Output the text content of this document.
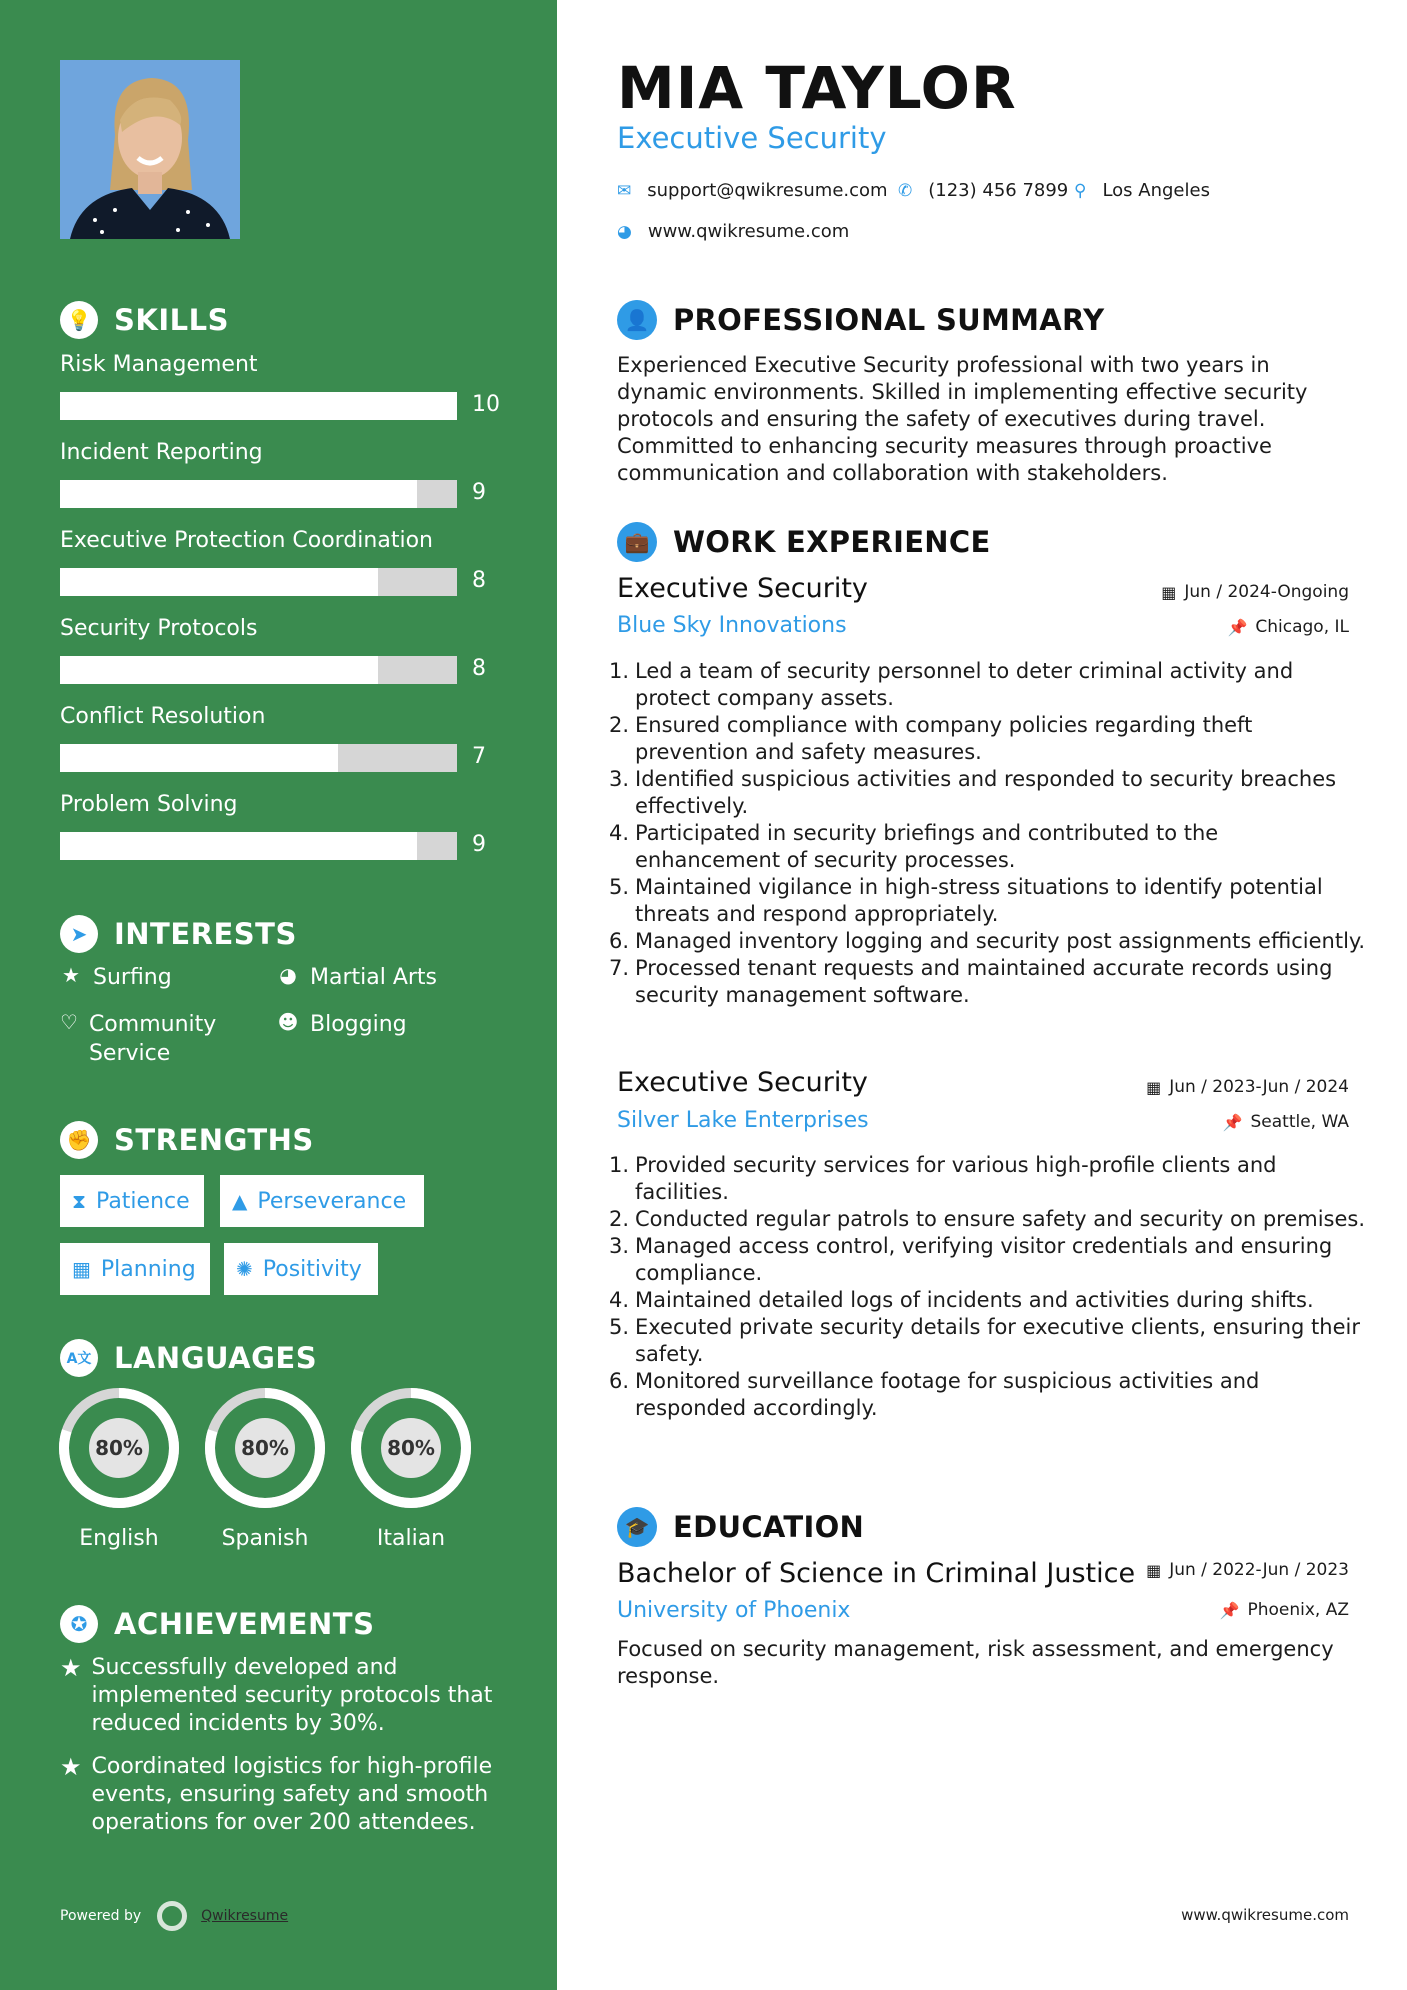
💡 SKILLS
Risk Management
10
Incident Reporting
9
Executive Protection Coordination
8
Security Protocols
8
Conflict Resolution
7
Problem Solving
9
➤ INTERESTS
★ Surfing	◕ Martial Arts
♡ Community Service
☻ Blogging
✊ STRENGTHS
⧗ Patience ▲ Perseverance
▦ Planning ✺ Positivity
A文 LANGUAGES
80%
English
80%
Spanish
80%
Italian
✪ ACHIEVEMENTS
★ Successfully developed and implemented security protocols that reduced incidents by 30%.
★ Coordinated logistics for high-profile events, ensuring safety and smooth operations for over 200 attendees.
Powered by	Qwikresume
MIA TAYLOR
Executive Security
✉ support@qwikresume.com ✆ (123) 456 7899 ⚲ Los Angeles
◕ www.qwikresume.com
👤 PROFESSIONAL SUMMARY
Experienced Executive Security professional with two years in dynamic environments. Skilled in implementing effective security protocols and ensuring the safety of executives during travel. Committed to enhancing security measures through proactive communication and collaboration with stakeholders.
💼 WORK EXPERIENCE
Executive Security
Blue Sky Innovations
▦ Jun / 2024-Ongoing
📌 Chicago, IL
1. Led a team of security personnel to deter criminal activity and protect company assets.
2. Ensured compliance with company policies regarding theft prevention and safety measures.
3. Identified suspicious activities and responded to security breaches effectively.
4. Participated in security briefings and contributed to the enhancement of security processes.
5. Maintained vigilance in high-stress situations to identify potential threats and respond appropriately.
6. Managed inventory logging and security post assignments efficiently.
7. Processed tenant requests and maintained accurate records using security management software.
Executive Security
Silver Lake Enterprises
▦ Jun / 2023-Jun / 2024
📌 Seattle, WA
1. Provided security services for various high-profile clients and facilities.
2. Conducted regular patrols to ensure safety and security on premises.
3. Managed access control, verifying visitor credentials and ensuring compliance.
4. Maintained detailed logs of incidents and activities during shifts.
5. Executed private security details for executive clients, ensuring their safety.
6. Monitored surveillance footage for suspicious activities and responded accordingly.
🎓 EDUCATION
Bachelor of Science in Criminal Justice
University of Phoenix
▦ Jun / 2022-Jun / 2023
📌 Phoenix, AZ
Focused on security management, risk assessment, and emergency response.
www.qwikresume.com
